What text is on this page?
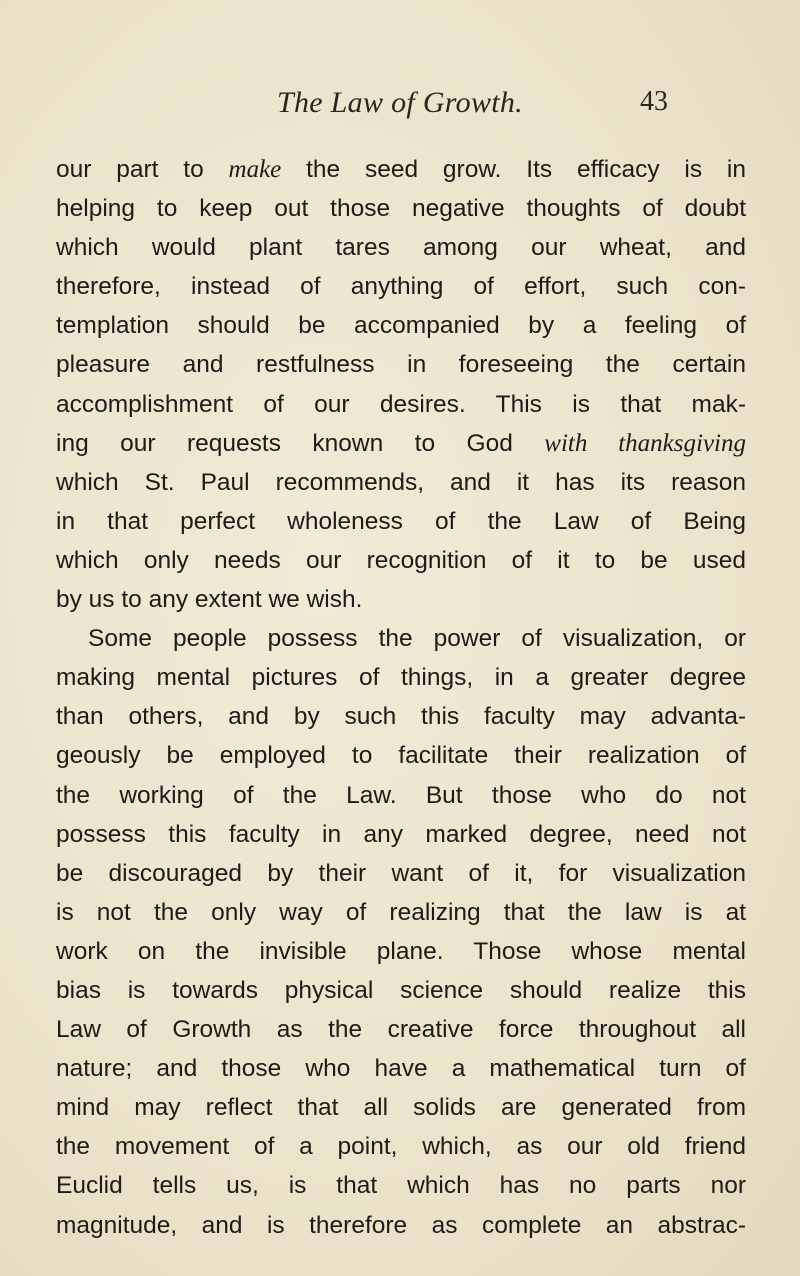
The Law of Growth.	43
our part to make the seed grow. Its efficacy is in
helping to keep out those negative thoughts of doubt
which would plant tares among our wheat, and
therefore, instead of anything of effort, such con-
templation should be accompanied by a feeling of
pleasure and restfulness in foreseeing the certain
accomplishment of our desires. This is that mak-
ing our requests known to God with thanksgiving
which St. Paul recommends, and it has its reason
in that perfect wholeness of the Law of Being
which only needs our recognition of it to be used
by us to any extent we wish.
Some people possess the power of visualization, or
making mental pictures of things, in a greater degree
than others, and by such this faculty may advanta-
geously be employed to facilitate their realization of
the working of the Law. But those who do not
possess this faculty in any marked degree, need not
be discouraged by their want of it, for visualization
is not the only way of realizing that the law is at
work on the invisible plane. Those whose mental
bias is towards physical science should realize this
Law of Growth as the creative force throughout all
nature; and those who have a mathematical turn of
mind may reflect that all solids are generated from
the movement of a point, which, as our old friend
Euclid tells us, is that which has no parts nor
magnitude, and is therefore as complete an abstrac-
